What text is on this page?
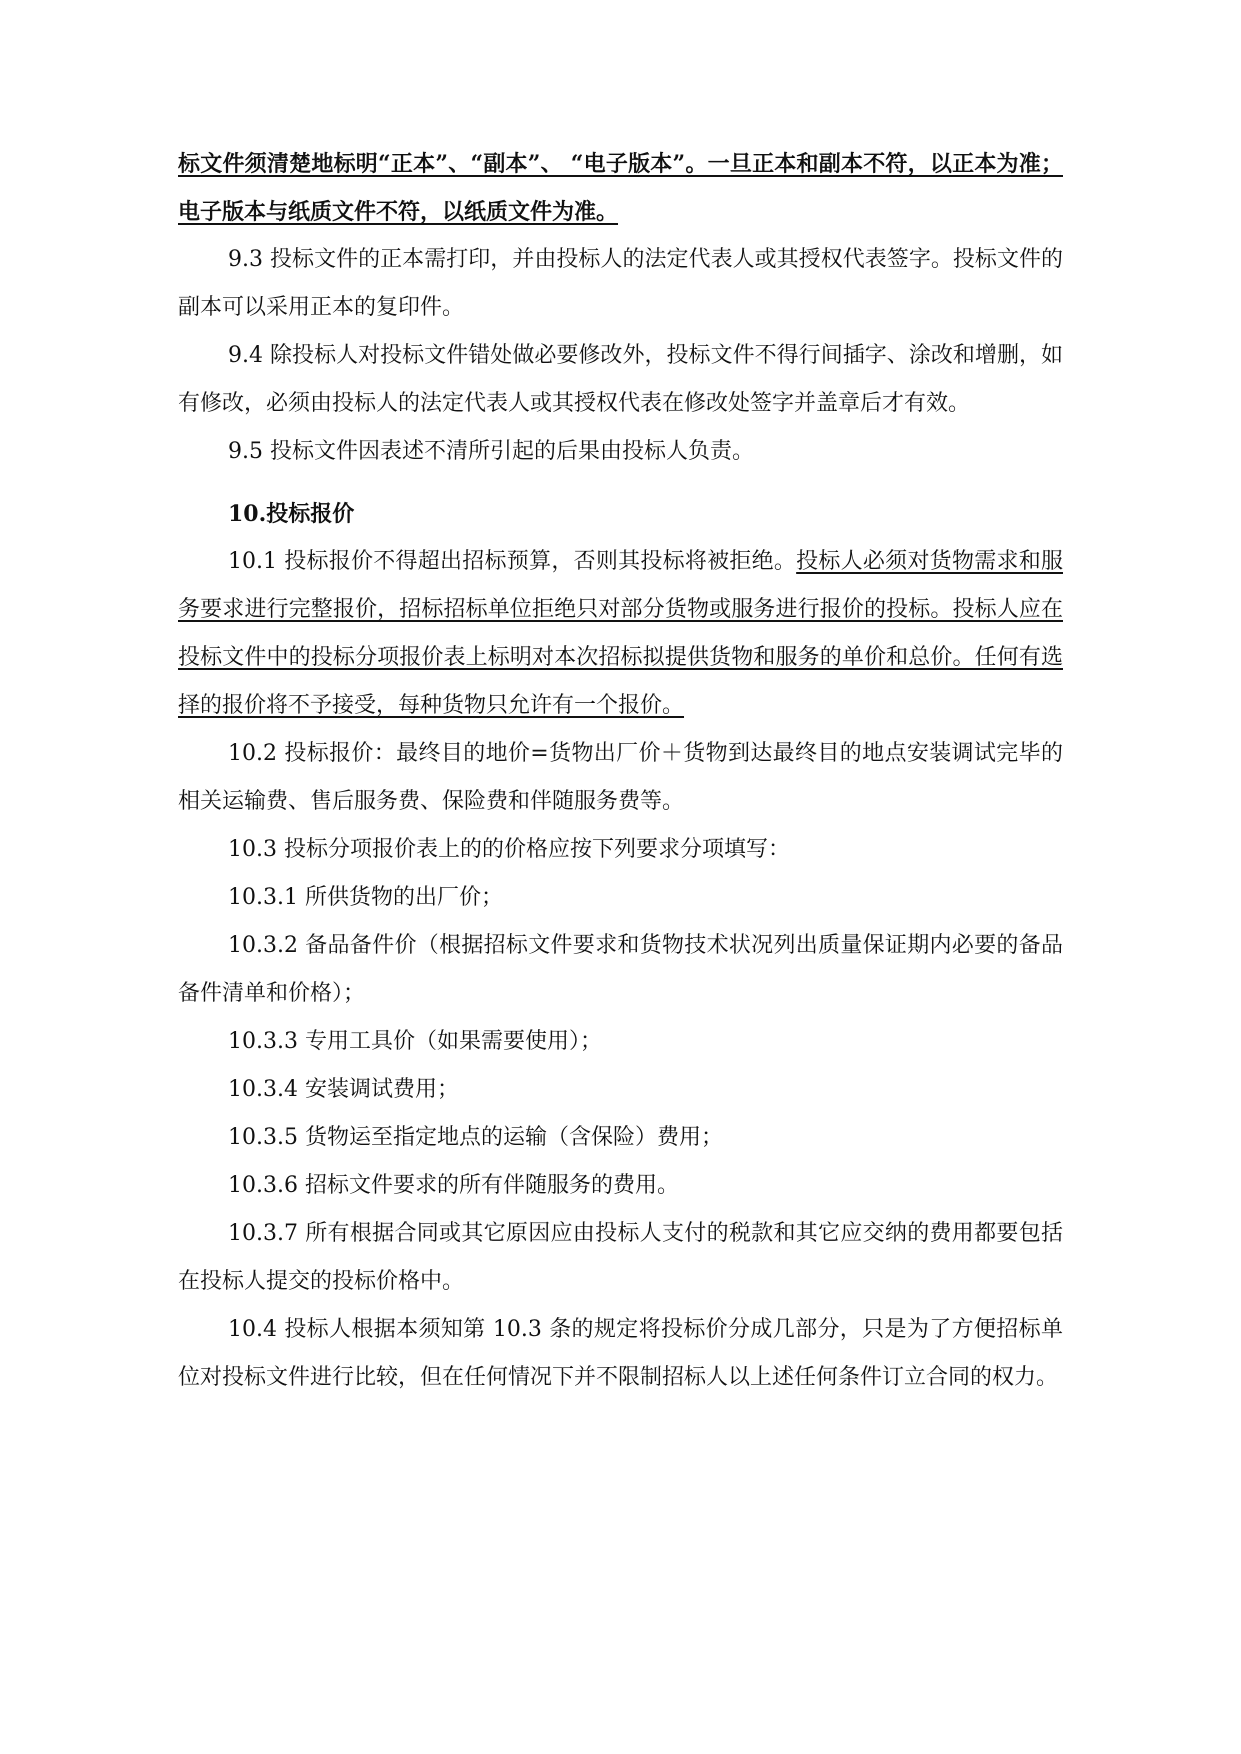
标文件须清楚地标明“正本”、“副本”、 “电子版本”。一旦正本和副本不符，以正本为准；电子版本与纸质文件不符，以纸质文件为准。

9.3 投标文件的正本需打印，并由投标人的法定代表人或其授权代表签字。投标文件的副本可以采用正本的复印件。

9.4 除投标人对投标文件错处做必要修改外，投标文件不得行间插字、涂改和增删，如有修改，必须由投标人的法定代表人或其授权代表在修改处签字并盖章后才有效。

9.5 投标文件因表述不清所引起的后果由投标人负责。

10.投标报价

10.1 投标报价不得超出招标预算，否则其投标将被拒绝。投标人必须对货物需求和服务要求进行完整报价，招标招标单位拒绝只对部分货物或服务进行报价的投标。投标人应在投标文件中的投标分项报价表上标明对本次招标拟提供货物和服务的单价和总价。任何有选择的报价将不予接受，每种货物只允许有一个报价。

10.2 投标报价：最终目的地价=货物出厂价＋货物到达最终目的地点安装调试完毕的相关运输费、售后服务费、保险费和伴随服务费等。

10.3 投标分项报价表上的的价格应按下列要求分项填写：

10.3.1 所供货物的出厂价；

10.3.2 备品备件价（根据招标文件要求和货物技术状况列出质量保证期内必要的备品备件清单和价格）；

10.3.3 专用工具价（如果需要使用）；

10.3.4 安装调试费用；

10.3.5 货物运至指定地点的运输（含保险）费用；

10.3.6 招标文件要求的所有伴随服务的费用。

10.3.7 所有根据合同或其它原因应由投标人支付的税款和其它应交纳的费用都要包括在投标人提交的投标价格中。

10.4 投标人根据本须知第 10.3 条的规定将投标价分成几部分，只是为了方便招标单位对投标文件进行比较，但在任何情况下并不限制招标人以上述任何条件订立合同的权力。
